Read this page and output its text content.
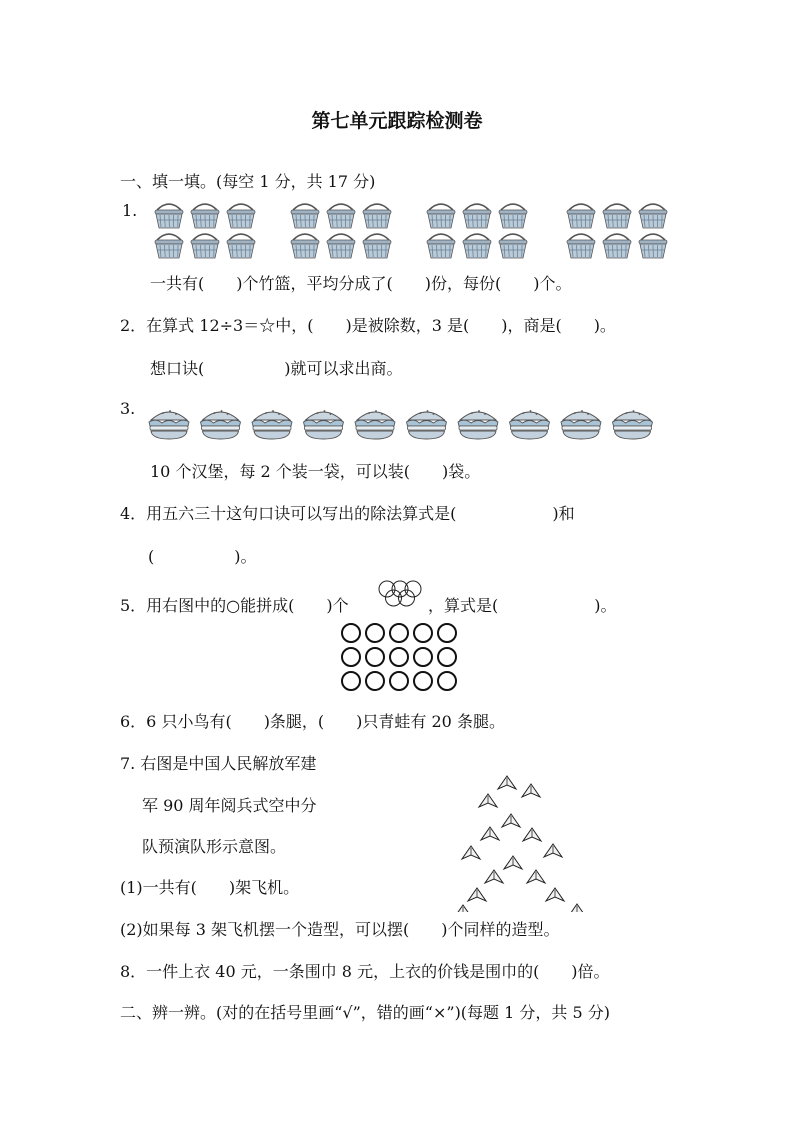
第七单元跟踪检测卷
一、填一填。(每空 1 分，共 17 分)
1.
一共有(　　)个竹篮，平均分成了(　　)份，每份(　　)个。
2．在算式 12÷3＝☆中，(　　)是被除数，3 是(　　)，商是(　　)。
想口诀(　　　　　)就可以求出商。
3.
10 个汉堡，每 2 个装一袋，可以装(　　)袋。
4．用五六三十这句口诀可以写出的除法算式是(　　　　　　)和
(　　　　　)。
5．用右图中的○能拼成(　　)个	，算式是(　　　　　　)。
6．6 只小鸟有(　　)条腿，(　　)只青蛙有 20 条腿。
7. 右图是中国人民解放军建
军 90 周年阅兵式空中分
队预演队形示意图。
(1)一共有(　　)架飞机。
(2)如果每 3 架飞机摆一个造型，可以摆(　　)个同样的造型。
8．一件上衣 40 元，一条围巾 8 元，上衣的价钱是围巾的(　　)倍。
二、辨一辨。(对的在括号里画“√”，错的画“×”)(每题 1 分，共 5 分)
